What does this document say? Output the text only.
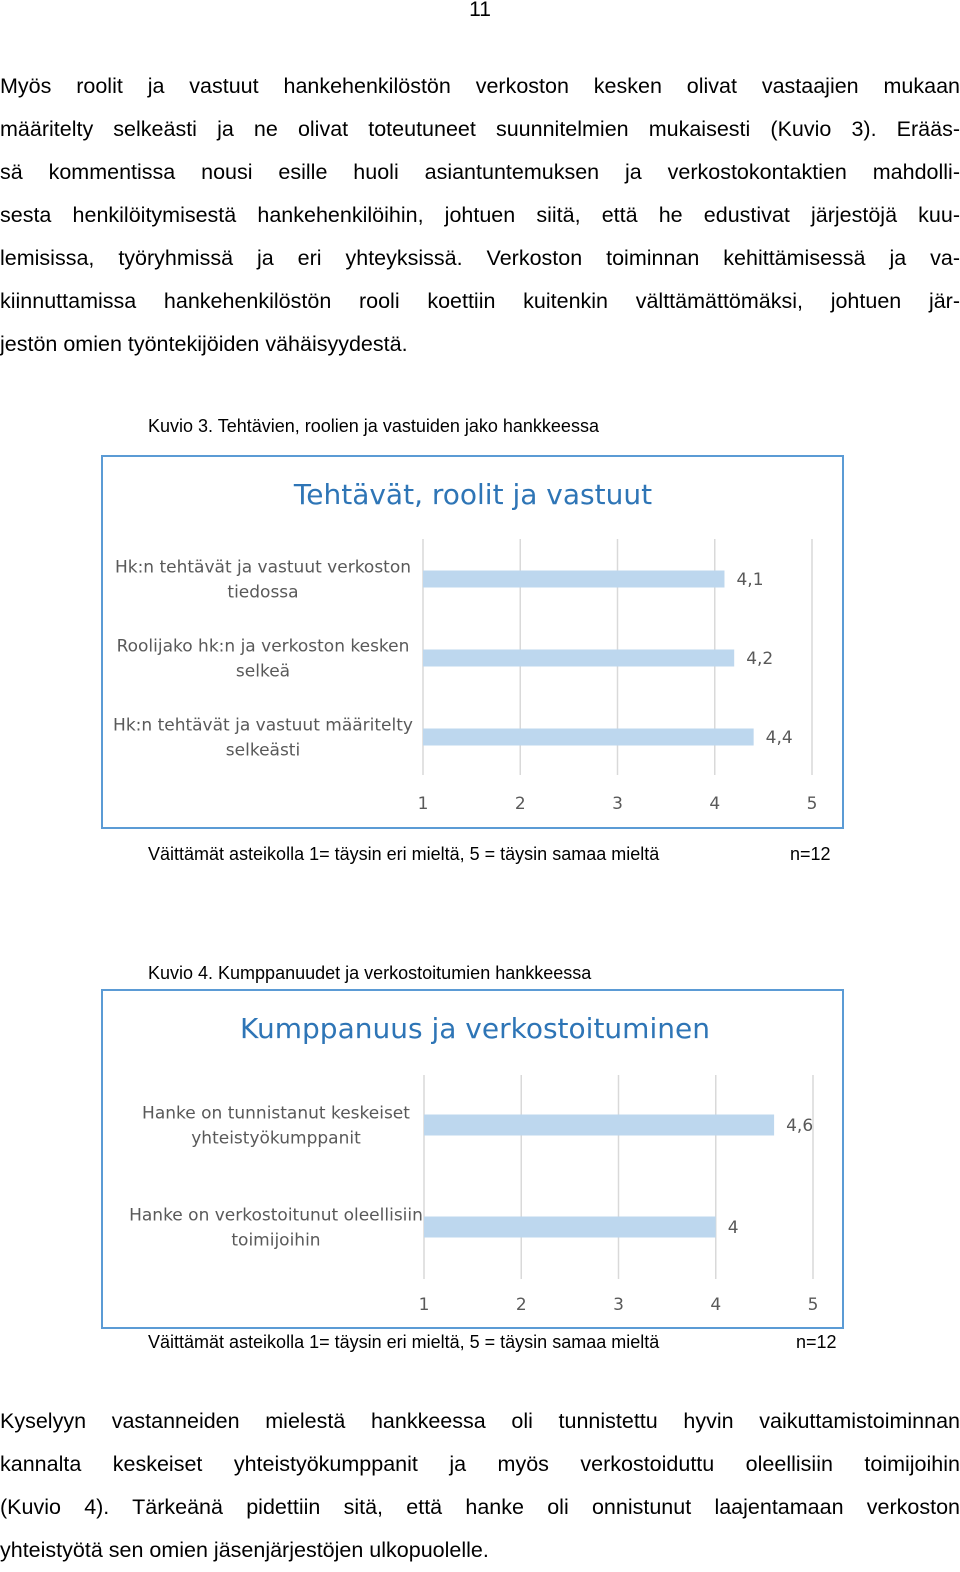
11

Myös roolit ja vastuut hankehenkilöstön verkoston kesken olivat vastaajien mukaan
määritelty selkeästi ja ne olivat toteutuneet suunnitelmien mukaisesti (Kuvio 3). Erääs-
sä kommentissa nousi esille huoli asiantuntemuksen ja verkostokontaktien mahdolli-
sesta henkilöitymisestä hankehenkilöihin, johtuen siitä, että he edustivat järjestöjä kuu-
lemisissa, työryhmissä ja eri yhteyksissä. Verkoston toiminnan kehittämisessä ja va-
kiinnuttamissa hankehenkilöstön rooli koettiin kuitenkin välttämättömäksi, johtuen jär-
jestön omien työntekijöiden vähäisyydestä.

Kuvio 3. Tehtävien, roolien ja vastuiden jako hankkeessa
Tehtävät, roolit ja vastuut
1	2	3	4	5
4,1
Hk:n tehtävät ja vastuut verkoston
tiedossa
4,2
Roolijako hk:n ja verkoston kesken
selkeä
4,4
Hk:n tehtävät ja vastuut määritelty
selkeästi
Väittämät asteikolla 1= täysin eri mieltä, 5 = täysin samaa mieltä	n=12
Kuvio 4. Kumppanuudet ja verkostoitumien hankkeessa
Kumppanuus ja verkostoituminen
1	2	3	4	5
4,6
Hanke on tunnistanut keskeiset
yhteistyökumppanit
4
Hanke on verkostoitunut oleellisiin
toimijoihin
Väittämät asteikolla 1= täysin eri mieltä, 5 = täysin samaa mieltä	n=12

Kyselyyn vastanneiden mielestä hankkeessa oli tunnistettu hyvin vaikuttamistoiminnan
kannalta keskeiset yhteistyökumppanit ja myös verkostoiduttu oleellisiin toimijoihin
(Kuvio 4). Tärkeänä pidettiin sitä, että hanke oli onnistunut laajentamaan verkoston
yhteistyötä sen omien jäsenjärjestöjen ulkopuolelle.
